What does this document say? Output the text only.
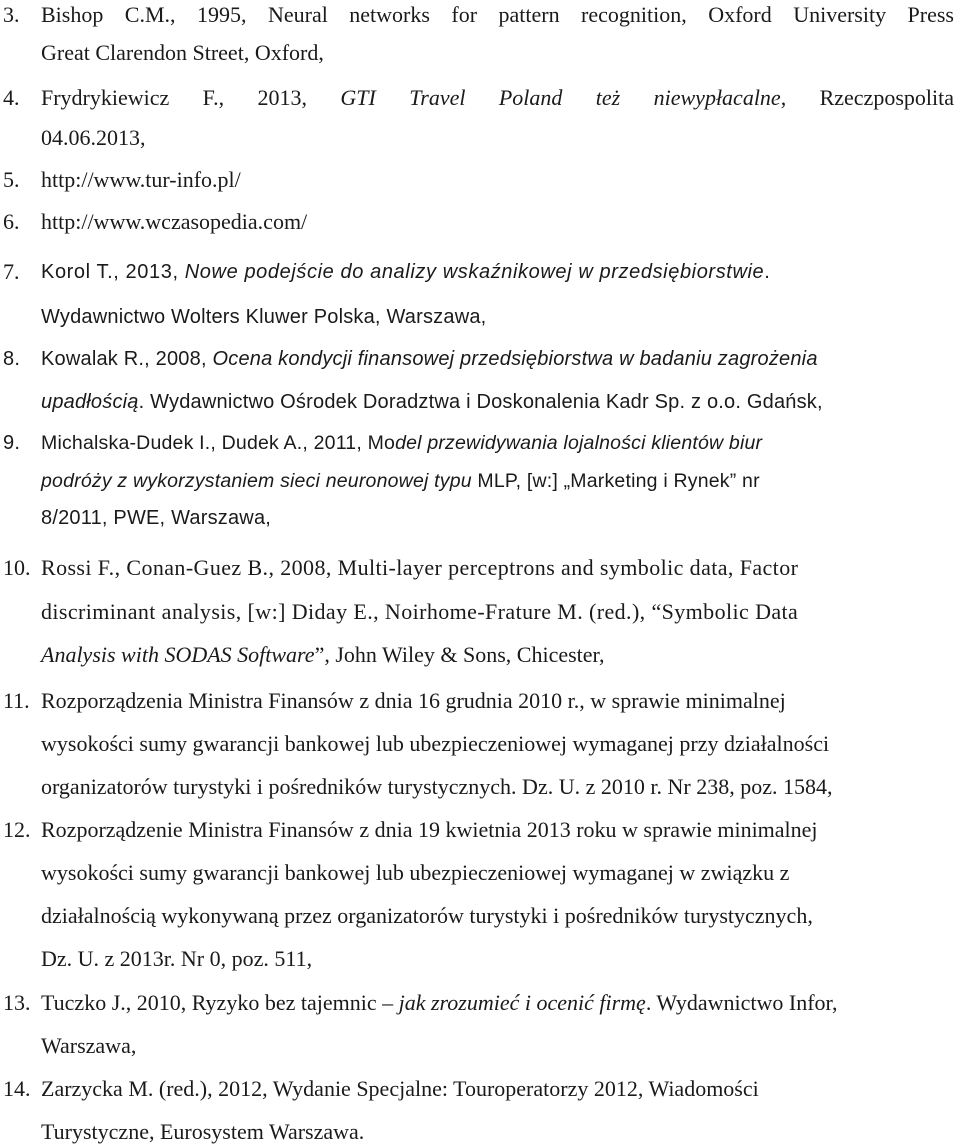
3. Bishop C.M., 1995, Neural networks for pattern recognition, Oxford University Press
Great Clarendon Street, Oxford,
4. Frydrykiewicz F., 2013, GTI Travel Poland też niewypłacalne, Rzeczpospolita
04.06.2013,
5. http://www.tur-info.pl/
6. http://www.wczasopedia.com/
7. Korol T., 2013, Nowe podejście do analizy wskaźnikowej w przedsiębiorstwie.
Wydawnictwo Wolters Kluwer Polska, Warszawa,
8. Kowalak R., 2008, Ocena kondycji finansowej przedsiębiorstwa w badaniu zagrożenia
upadłością. Wydawnictwo Ośrodek Doradztwa i Doskonalenia Kadr Sp. z o.o. Gdańsk,
9. Michalska-Dudek I., Dudek A., 2011, Model przewidywania lojalności klientów biur
podróży z wykorzystaniem sieci neuronowej typu MLP, [w:] „Marketing i Rynek” nr
8/2011, PWE, Warszawa,
10. Rossi F., Conan-Guez B., 2008, Multi-layer perceptrons and symbolic data, Factor
discriminant analysis, [w:] Diday E., Noirhome-Frature M. (red.), “Symbolic Data
Analysis with SODAS Software”, John Wiley & Sons, Chicester,
11. Rozporządzenia Ministra Finansów z dnia 16 grudnia 2010 r., w sprawie minimalnej
wysokości sumy gwarancji bankowej lub ubezpieczeniowej wymaganej przy działalności
organizatorów turystyki i pośredników turystycznych. Dz. U. z 2010 r. Nr 238, poz. 1584,
12. Rozporządzenie Ministra Finansów z dnia 19 kwietnia 2013 roku w sprawie minimalnej
wysokości sumy gwarancji bankowej lub ubezpieczeniowej wymaganej w związku z
działalnością wykonywaną przez organizatorów turystyki i pośredników turystycznych,
Dz. U. z 2013r. Nr 0, poz. 511,
13. Tuczko J., 2010, Ryzyko bez tajemnic – jak zrozumieć i ocenić firmę. Wydawnictwo Infor,
Warszawa,
14. Zarzycka M. (red.), 2012, Wydanie Specjalne: Touroperatorzy 2012, Wiadomości
Turystyczne, Eurosystem Warszawa.
